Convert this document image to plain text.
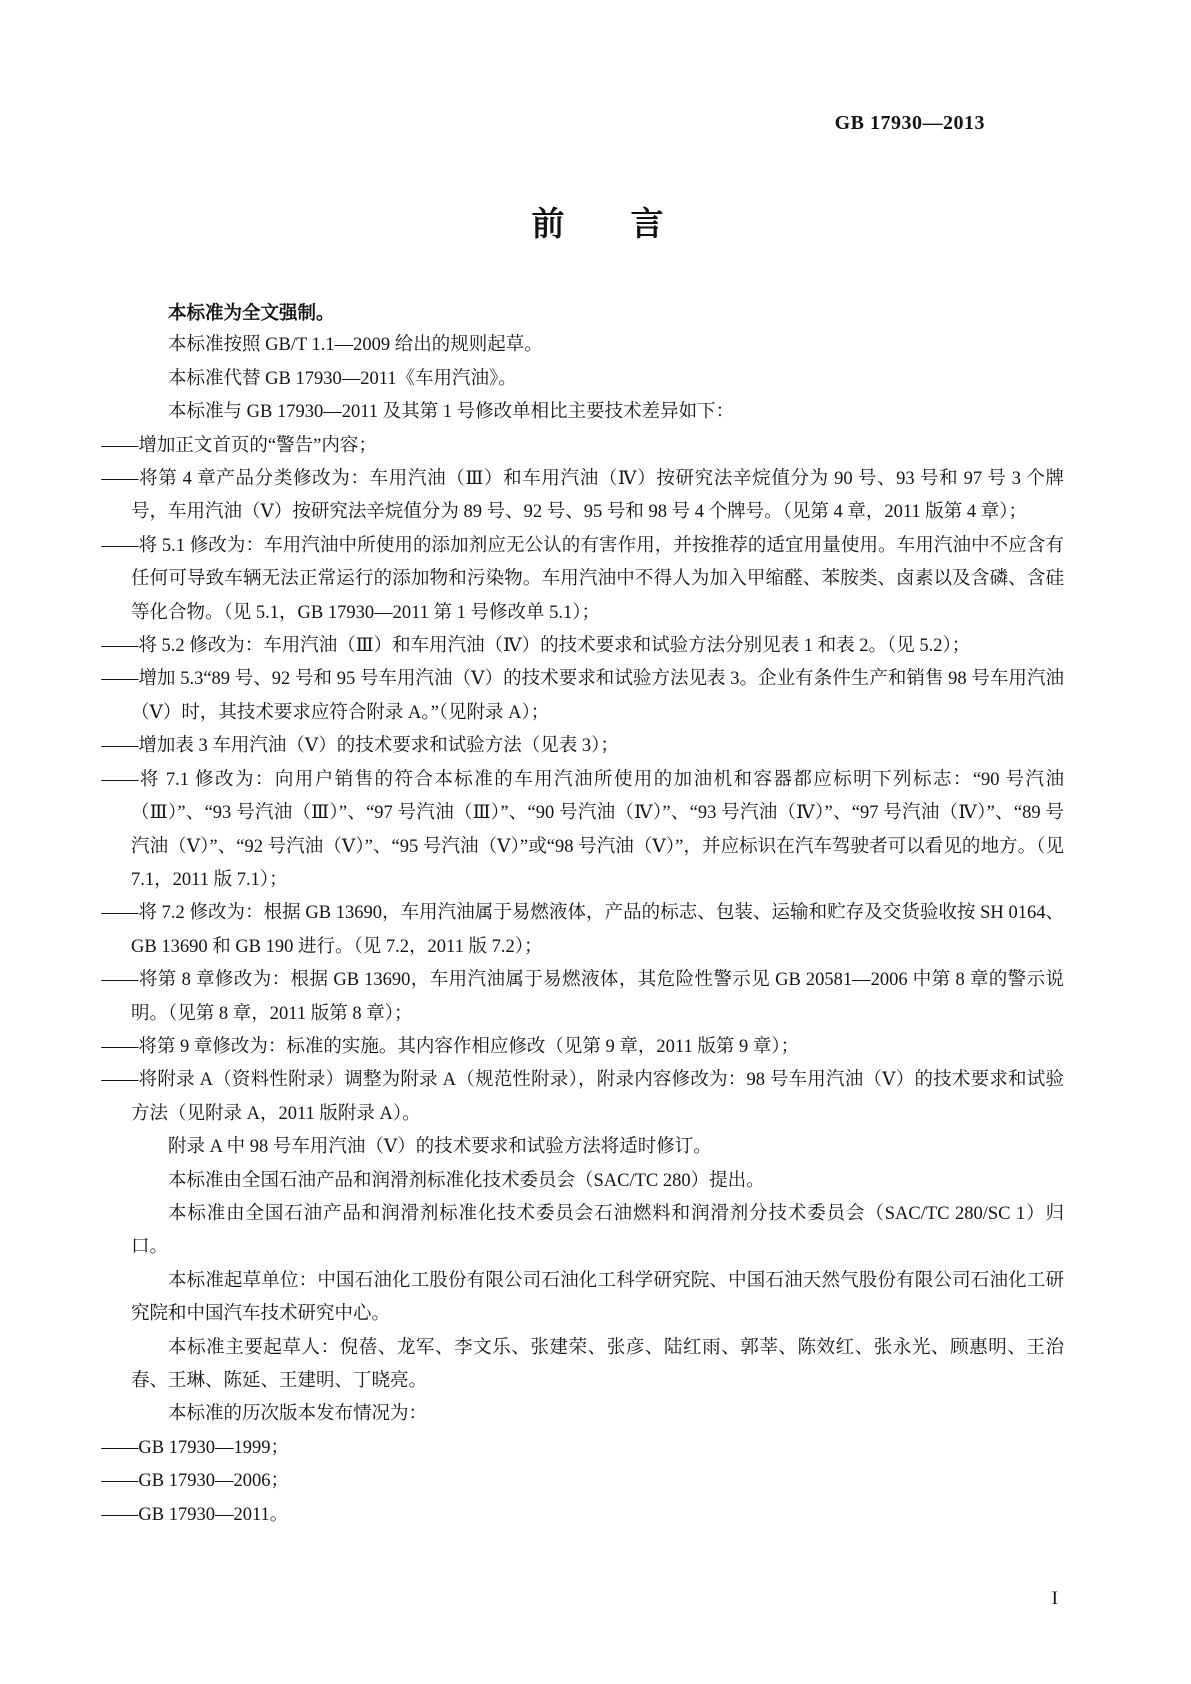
GB 17930—2013
前　　言

本标准为全文强制。

本标准按照 GB/T 1.1—2009 给出的规则起草。

本标准代替 GB 17930—2011《车用汽油》。

本标准与 GB 17930—2011 及其第 1 号修改单相比主要技术差异如下：

——增加正文首页的“警告”内容；

——将第 4 章产品分类修改为：车用汽油（Ⅲ）和车用汽油（Ⅳ）按研究法辛烷值分为 90 号、93 号和 97 号 3 个牌号，车用汽油（Ⅴ）按研究法辛烷值分为 89 号、92 号、95 号和 98 号 4 个牌号。（见第 4 章，2011 版第 4 章）；

——将 5.1 修改为：车用汽油中所使用的添加剂应无公认的有害作用，并按推荐的适宜用量使用。车用汽油中不应含有任何可导致车辆无法正常运行的添加物和污染物。车用汽油中不得人为加入甲缩醛、苯胺类、卤素以及含磷、含硅等化合物。（见 5.1，GB 17930—2011 第 1 号修改单 5.1）；

——将 5.2 修改为：车用汽油（Ⅲ）和车用汽油（Ⅳ）的技术要求和试验方法分别见表 1 和表 2。（见 5.2）；

——增加 5.3“89 号、92 号和 95 号车用汽油（Ⅴ）的技术要求和试验方法见表 3。企业有条件生产和销售 98 号车用汽油（Ⅴ）时，其技术要求应符合附录 A。”（见附录 A）；

——增加表 3 车用汽油（Ⅴ）的技术要求和试验方法（见表 3）；

——将 7.1 修改为：向用户销售的符合本标准的车用汽油所使用的加油机和容器都应标明下列标志：“90 号汽油（Ⅲ）”、“93 号汽油（Ⅲ）”、“97 号汽油（Ⅲ）”、“90 号汽油（Ⅳ）”、“93 号汽油（Ⅳ）”、“97 号汽油（Ⅳ）”、“89 号汽油（Ⅴ）”、“92 号汽油（Ⅴ）”、“95 号汽油（Ⅴ）”或“98 号汽油（Ⅴ）”，并应标识在汽车驾驶者可以看见的地方。（见 7.1，2011 版 7.1）；

——将 7.2 修改为：根据 GB 13690，车用汽油属于易燃液体，产品的标志、包装、运输和贮存及交货验收按 SH 0164、GB 13690 和 GB 190 进行。（见 7.2，2011 版 7.2）；

——将第 8 章修改为：根据 GB 13690，车用汽油属于易燃液体，其危险性警示见 GB 20581—2006 中第 8 章的警示说明。（见第 8 章，2011 版第 8 章）；

——将第 9 章修改为：标准的实施。其内容作相应修改（见第 9 章，2011 版第 9 章）；

——将附录 A（资料性附录）调整为附录 A（规范性附录），附录内容修改为：98 号车用汽油（Ⅴ）的技术要求和试验方法（见附录 A，2011 版附录 A）。

附录 A 中 98 号车用汽油（Ⅴ）的技术要求和试验方法将适时修订。

本标准由全国石油产品和润滑剂标准化技术委员会（SAC/TC 280）提出。

本标准由全国石油产品和润滑剂标准化技术委员会石油燃料和润滑剂分技术委员会（SAC/TC 280/SC 1）归口。

本标准起草单位：中国石油化工股份有限公司石油化工科学研究院、中国石油天然气股份有限公司石油化工研究院和中国汽车技术研究中心。

本标准主要起草人：倪蓓、龙军、李文乐、张建荣、张彦、陆红雨、郭莘、陈效红、张永光、顾惠明、王治春、王琳、陈延、王建明、丁晓亮。

本标准的历次版本发布情况为：

——GB 17930—1999；

——GB 17930—2006；

——GB 17930—2011。

I
